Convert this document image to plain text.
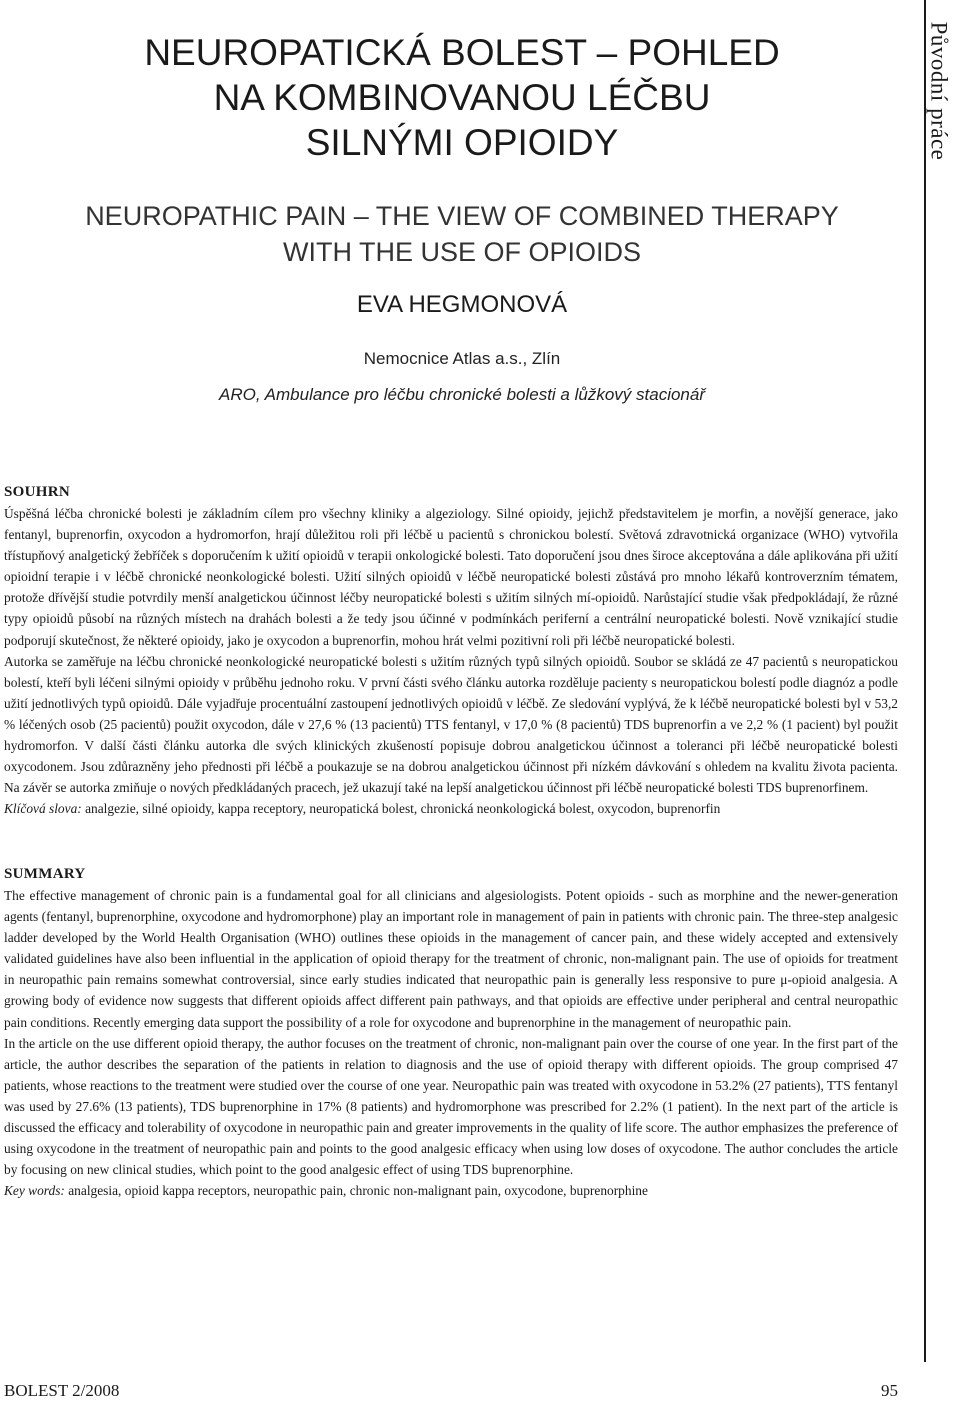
Původní práce
NEUROPATICKÁ BOLEST – POHLED
NA KOMBINOVANOU LÉČBU
SILNÝMI OPIOIDY
NEUROPATHIC PAIN – THE VIEW OF COMBINED THERAPY
WITH THE USE OF OPIOIDS
EVA HEGMONOVÁ
Nemocnice Atlas a.s., Zlín
ARO, Ambulance pro léčbu chronické bolesti a lůžkový stacionář
SOUHRN

Úspěšná léčba chronické bolesti je základním cílem pro všechny kliniky a algeziology. Silné opioidy, jejichž představitelem je morfin, a novější generace, jako fentanyl, buprenorfin, oxycodon a hydromorfon, hrají důležitou roli při léčbě u pacientů s chronickou bolestí. Světová zdravotnická organizace (WHO) vytvořila třístupňový analgetický žebříček s doporučením k užití opioidů v terapii onkologické bolesti. Tato doporučení jsou dnes široce akceptována a dále aplikována při užití opioidní terapie i v léčbě chronické neonkologické bolesti. Užití silných opioidů v léčbě neuropatické bolesti zůstává pro mnoho lékařů kontroverzním tématem, protože dřívější studie potvrdily menší analgetickou účinnost léčby neuropatické bolesti s užitím silných mí-opioidů. Narůstající studie však předpokládají, že různé typy opioidů působí na různých místech na drahách bolesti a že tedy jsou účinné v podmínkách periferní a centrální neuropatické bolesti. Nově vznikající studie podporují skutečnost, že některé opioidy, jako je oxycodon a buprenorfin, mohou hrát velmi pozitivní roli při léčbě neuropatické bolesti.

Autorka se zaměřuje na léčbu chronické neonkologické neuropatické bolesti s užitím různých typů silných opioidů. Soubor se skládá ze 47 pacientů s neuropatickou bolestí, kteří byli léčeni silnými opioidy v průběhu jednoho roku. V první části svého článku autorka rozděluje pacienty s neuropatickou bolestí podle diagnóz a podle užití jednotlivých typů opioidů. Dále vyjadřuje procentuální zastoupení jednotlivých opioidů v léčbě. Ze sledování vyplývá, že k léčbě neuropatické bolesti byl v 53,2 % léčených osob (25 pacientů) použit oxycodon, dále v 27,6 % (13 pacientů) TTS fentanyl, v 17,0 % (8 pacientů) TDS buprenorfin a ve 2,2 % (1 pacient) byl použit hydromorfon. V další části článku autorka dle svých klinických zkušeností popisuje dobrou analgetickou účinnost a toleranci při léčbě neuropatické bolesti oxycodonem. Jsou zdůrazněny jeho přednosti při léčbě a poukazuje se na dobrou analgetickou účinnost při nízkém dávkování s ohledem na kvalitu života pacienta. Na závěr se autorka zmiňuje o nových předkládaných pracech, jež ukazují také na lepší analgetickou účinnost při léčbě neuropatické bolesti TDS buprenorfinem.

Klíčová slova: analgezie, silné opioidy, kappa receptory, neuropatická bolest, chronická neonkologická bolest, oxycodon, buprenorfin

SUMMARY

The effective management of chronic pain is a fundamental goal for all clinicians and algesiologists. Potent opioids - such as morphine and the newer-generation agents (fentanyl, buprenorphine, oxycodone and hydromorphone) play an important role in management of pain in patients with chronic pain. The three-step analgesic ladder developed by the World Health Organisation (WHO) outlines these opioids in the management of cancer pain, and these widely accepted and extensively validated guidelines have also been influential in the application of opioid therapy for the treatment of chronic, non-malignant pain. The use of opioids for treatment in neuropathic pain remains somewhat controversial, since early studies indicated that neuropathic pain is generally less responsive to pure μ-opioid analgesia. A growing body of evidence now suggests that different opioids affect different pain pathways, and that opioids are effective under peripheral and central neuropathic pain conditions. Recently emerging data support the possibility of a role for oxycodone and buprenorphine in the management of neuropathic pain.

In the article on the use different opioid therapy, the author focuses on the treatment of chronic, non-malignant pain over the course of one year. In the first part of the article, the author describes the separation of the patients in relation to diagnosis and the use of opioid therapy with different opioids. The group comprised 47 patients, whose reactions to the treatment were studied over the course of one year. Neuropathic pain was treated with oxycodone in 53.2% (27 patients), TTS fentanyl was used by 27.6% (13 patients), TDS buprenorphine in 17% (8 patients) and hydromorphone was prescribed for 2.2% (1 patient). In the next part of the article is discussed the efficacy and tolerability of oxycodone in neuropathic pain and greater improvements in the quality of life score. The author emphasizes the preference of using oxycodone in the treatment of neuropathic pain and points to the good analgesic efficacy when using low doses of oxycodone. The author concludes the article by focusing on new clinical studies, which point to the good analgesic effect of using TDS buprenorphine.

Key words: analgesia, opioid kappa receptors, neuropathic pain, chronic non-malignant pain, oxycodone, buprenorphine

BOLEST 2/2008	95
